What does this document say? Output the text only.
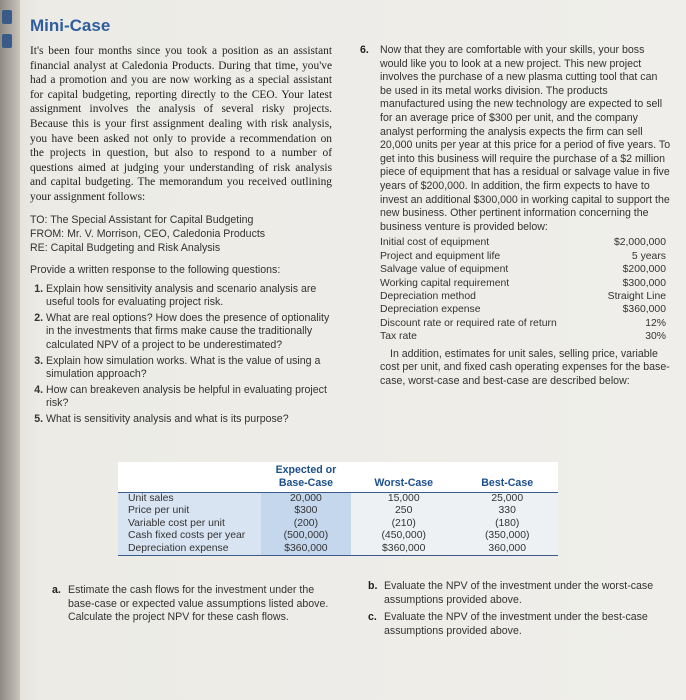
Mini-Case

It's been four months since you took a position as an assistant financial analyst at Caledonia Products. During that time, you've had a promotion and you are now working as a special assistant for capital budgeting, reporting directly to the CEO. Your latest assignment involves the analysis of several risky projects. Because this is your first assignment dealing with risk analysis, you have been asked not only to provide a recommendation on the projects in question, but also to respond to a number of questions aimed at judging your understanding of risk analysis and capital budgeting. The memorandum you received outlining your assignment follows:

TO: The Special Assistant for Capital Budgeting
FROM: Mr. V. Morrison, CEO, Caledonia Products
RE: Capital Budgeting and Risk Analysis
Provide a written response to the following questions:
1. Explain how sensitivity analysis and scenario analysis are useful tools for evaluating project risk.
2. What are real options? How does the presence of optionality in the investments that firms make cause the traditionally calculated NPV of a project to be underestimated?
3. Explain how simulation works. What is the value of using a simulation approach?
4. How can breakeven analysis be helpful in evaluating project risk?
5. What is sensitivity analysis and what is its purpose?

6. Now that they are comfortable with your skills, your boss would like you to look at a new project. This new project involves the purchase of a new plasma cutting tool that can be used in its metal works division. The products manufactured using the new technology are expected to sell for an average price of $300 per unit, and the company analyst performing the analysis expects the firm can sell 20,000 units per year at this price for a period of five years. To get into this business will require the purchase of a $2 million piece of equipment that has a residual or salvage value in five years of $200,000. In addition, the firm expects to have to invest an additional $300,000 in working capital to support the new business. Other pertinent information concerning the business venture is provided below:

Initial cost of equipment	$2,000,000
Project and equipment life	5 years
Salvage value of equipment	$200,000
Working capital requirement	$300,000
Depreciation method	Straight Line
Depreciation expense	$360,000
Discount rate or required rate of return	12%
Tax rate	30%

In addition, estimates for unit sales, selling price, variable cost per unit, and fixed cash operating expenses for the base-case, worst-case and best-case are described below:

	Expected or Base-Case	Worst-Case	Best-Case
Unit sales	20,000	15,000	25,000
Price per unit	$300	250	330
Variable cost per unit	(200)	(210)	(180)
Cash fixed costs per year	(500,000)	(450,000)	(350,000)
Depreciation expense	$360,000	$360,000	360,000

a. Estimate the cash flows for the investment under the base-case or expected value assumptions listed above. Calculate the project NPV for these cash flows.

b. Evaluate the NPV of the investment under the worst-case assumptions provided above.

c. Evaluate the NPV of the investment under the best-case assumptions provided above.
